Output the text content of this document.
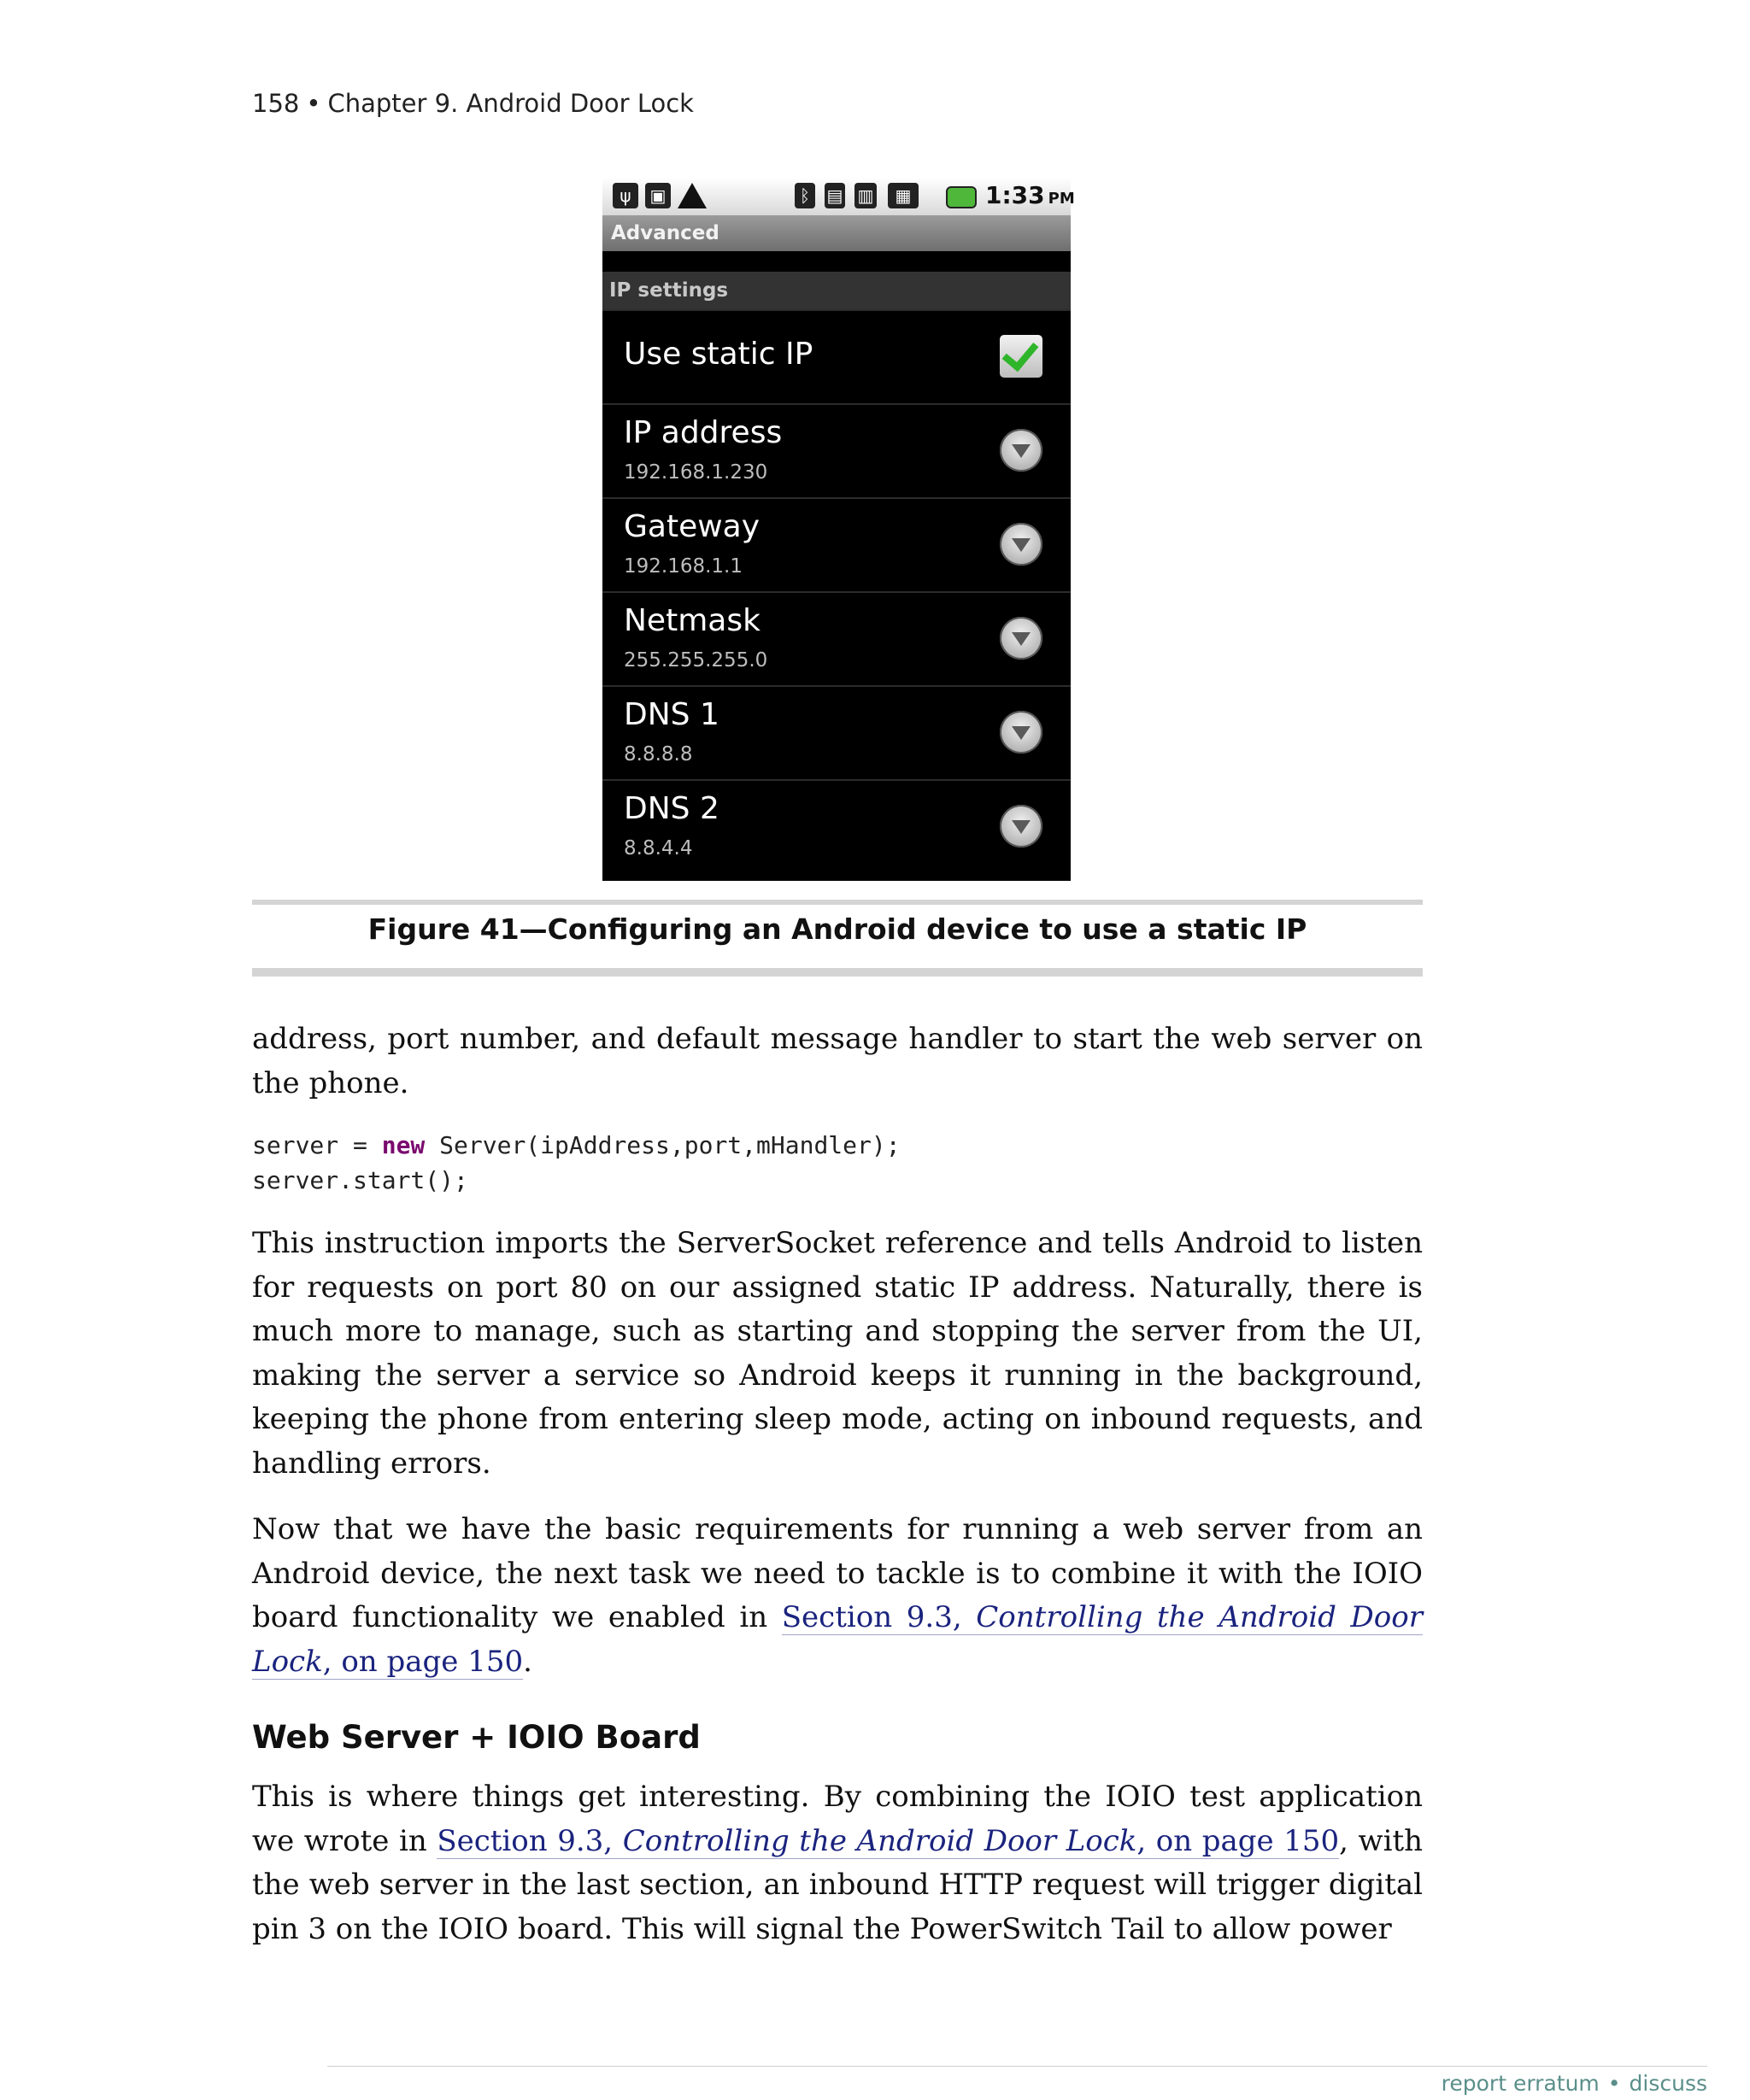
158 • Chapter 9. Android Door Lock
ψ	▣	ᛒ ▤ ▥	▦	1:33 PM
Advanced
IP settings
Use static IP
IP address
192.168.1.230
Gateway
192.168.1.1
Netmask
255.255.255.0
DNS 1
8.8.8.8
DNS 2
8.8.4.4
Figure 41—Configuring an Android device to use a static IP

address, port number, and default message handler to start the web server on the phone.

server = new Server(ipAddress,port,mHandler);
server.start();

This instruction imports the ServerSocket reference and tells Android to listen for requests on port 80 on our assigned static IP address. Naturally, there is much more to manage, such as starting and stopping the server from the UI, making the server a service so Android keeps it running in the background, keeping the phone from entering sleep mode, acting on inbound requests, and handling errors.

Now that we have the basic requirements for running a web server from an Android device, the next task we need to tackle is to combine it with the IOIO board functionality we enabled in Section 9.3, Controlling the Android Door Lock, on page 150.

Web Server + IOIO Board

This is where things get interesting. By combining the IOIO test application we wrote in Section 9.3, Controlling the Android Door Lock, on page 150, with the web server in the last section, an inbound HTTP request will trigger digital pin 3 on the IOIO board. This will signal the PowerSwitch Tail to allow power

report erratum • discuss
